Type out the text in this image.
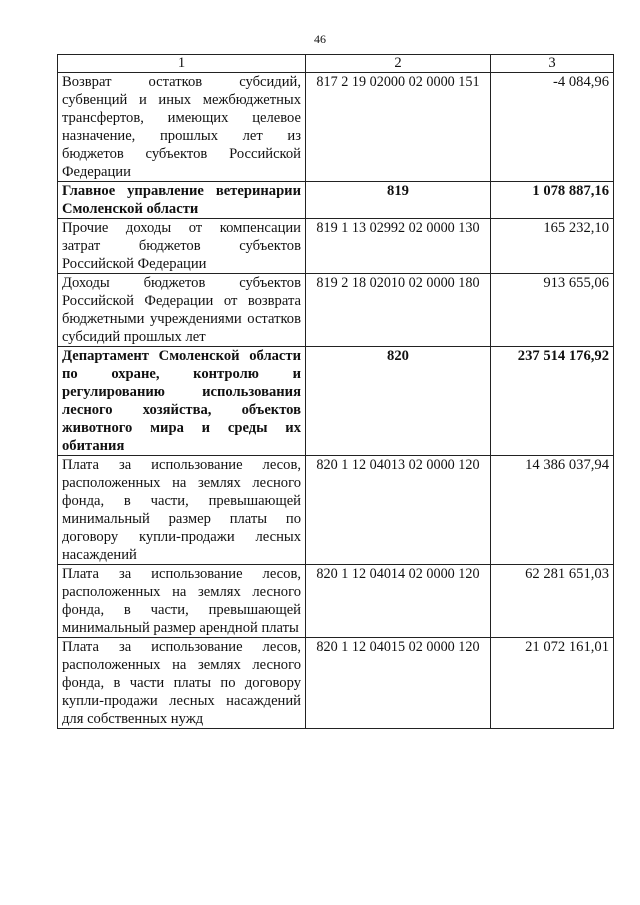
46
1	2	3
Возврат остатков субсидий, субвенций и иных межбюджетных трансфертов, имеющих целевое назначение, прошлых лет из бюджетов субъектов Российской Федерации	817 2 19 02000 02 0000 151	-4 084,96
Главное управление ветеринарии Смоленской области	819	1 078 887,16
Прочие доходы от компенсации затрат бюджетов субъектов Российской Федерации	819 1 13 02992 02 0000 130	165 232,10
Доходы бюджетов субъектов Российской Федерации от возврата бюджетными учреждениями остатков субсидий прошлых лет	819 2 18 02010 02 0000 180	913 655,06
Департамент Смоленской области по охране, контролю и регулированию использования лесного хозяйства, объектов животного мира и среды их обитания	820	237 514 176,92
Плата за использование лесов, расположенных на землях лесного фонда, в части, превышающей минимальный размер платы по договору купли-продажи лесных насаждений	820 1 12 04013 02 0000 120	14 386 037,94
Плата за использование лесов, расположенных на землях лесного фонда, в части, превышающей минимальный размер арендной платы	820 1 12 04014 02 0000 120	62 281 651,03
Плата за использование лесов, расположенных на землях лесного фонда, в части платы по договору купли-продажи лесных насаждений для собственных нужд	820 1 12 04015 02 0000 120	21 072 161,01
